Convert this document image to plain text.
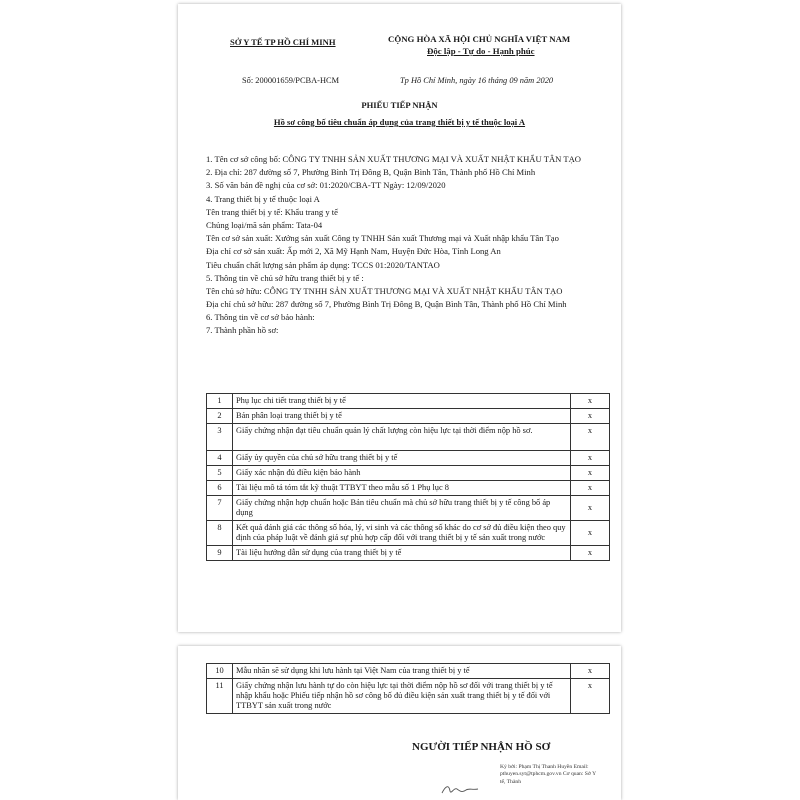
SỞ Y TẾ TP HỒ CHÍ MINH	CỘNG HÒA XÃ HỘI CHỦ NGHĨA VIỆT NAM
Độc lập - Tự do - Hạnh phúc
Số: 200001659/PCBA-HCM	Tp Hồ Chí Minh, ngày 16 tháng 09 năm 2020
PHIẾU TIẾP NHẬN
Hồ sơ công bố tiêu chuẩn áp dụng của trang thiết bị y tế thuộc loại A

1. Tên cơ sở công bố: CÔNG TY TNHH SẢN XUẤT THƯƠNG MẠI VÀ XUẤT NHẬT KHẨU TÂN TẠO

2. Địa chỉ: 287 đường số 7, Phường Bình Trị Đông B, Quận Bình Tân, Thành phố Hồ Chí Minh

3. Số văn bản đề nghị của cơ sở: 01:2020/CBA-TT Ngày: 12/09/2020

4. Trang thiết bị y tế thuộc loại A

Tên trang thiết bị y tế: Khẩu trang y tế

Chủng loại/mã sản phẩm: Tata-04

Tên cơ sở sản xuất: Xưởng sản xuất Công ty TNHH Sản xuất Thương mại và Xuất nhập khẩu Tân Tạo

Địa chỉ cơ sở sản xuất: Ấp mới 2, Xã Mỹ Hạnh Nam, Huyện Đức Hòa, Tỉnh Long An

Tiêu chuẩn chất lượng sản phẩm áp dụng: TCCS 01:2020/TANTAO

5. Thông tin về chủ sở hữu trang thiết bị y tế :

Tên chủ sở hữu: CÔNG TY TNHH SẢN XUẤT THƯƠNG MẠI VÀ XUẤT NHẬT KHẨU TÂN TẠO

Địa chỉ chủ sở hữu: 287 đường số 7, Phường Bình Trị Đông B, Quận Bình Tân, Thành phố Hồ Chí Minh

6. Thông tin về cơ sở bảo hành:

7. Thành phần hồ sơ:

1	Phụ lục chi tiết trang thiết bị y tế	x
2	Bản phân loại trang thiết bị y tế	x
3	Giấy chứng nhận đạt tiêu chuẩn quản lý chất lượng còn hiệu lực tại thời điểm nộp hồ sơ.	x
4	Giấy ủy quyền của chủ sở hữu trang thiết bị y tế	x
5	Giấy xác nhận đủ điều kiện bảo hành	x
6	Tài liệu mô tả tóm tắt kỹ thuật TTBYT theo mẫu số 1 Phụ lục 8	x
7	Giấy chứng nhận hợp chuẩn hoặc Bản tiêu chuẩn mà chủ sở hữu trang thiết bị y tế công bố áp dụng	x
8	Kết quả đánh giá các thông số hóa, lý, vi sinh và các thông số khác do cơ sở đủ điều kiện theo quy định của pháp luật về đánh giá sự phù hợp cấp đối với trang thiết bị y tế sản xuất trong nước	x
9	Tài liệu hướng dẫn sử dụng của trang thiết bị y tế	x
10	Mẫu nhãn sẽ sử dụng khi lưu hành tại Việt Nam của trang thiết bị y tế	x
11	Giấy chứng nhận lưu hành tự do còn hiệu lực tại thời điểm nộp hồ sơ đối với trang thiết bị y tế nhập khẩu hoặc Phiếu tiếp nhận hồ sơ công bố đủ điều kiện sản xuất trang thiết bị y tế đối với TTBYT sản xuất trong nước	x
NGƯỜI TIẾP NHẬN HỒ SƠ
Ký bởi: Phạm Thị Thanh Huyền Email: pthuyen.syt@tphcm.gov.vn Cơ quan: Sở Y tế, Thành
